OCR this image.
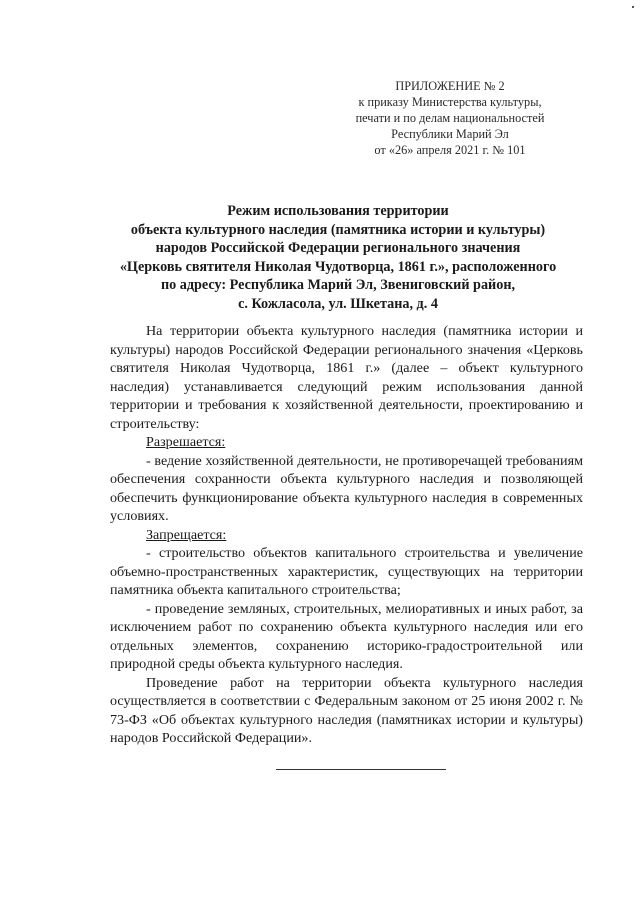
ПРИЛОЖЕНИЕ № 2
к приказу Министерства культуры,
печати и по делам национальностей
Республики Марий Эл
от «26» апреля 2021 г. № 101
Режим использования территории
объекта культурного наследия (памятника истории и культуры)
народов Российской Федерации регионального значения
«Церковь святителя Николая Чудотворца, 1861 г.», расположенного
по адресу: Республика Марий Эл, Звениговский район,
с. Кожласола, ул. Шкетана, д. 4

На территории объекта культурного наследия (памятника истории и культуры) народов Российской Федерации регионального значения «Церковь святителя Николая Чудотворца, 1861 г.» (далее – объект культурного наследия) устанавливается следующий режим использования данной территории и требования к хозяйственной деятельности, проектированию и строительству:

Разрешается:

- ведение хозяйственной деятельности, не противоречащей требованиям обеспечения сохранности объекта культурного наследия и позволяющей обеспечить функционирование объекта культурного наследия в современных условиях.

Запрещается:

- строительство объектов капитального строительства и увеличение объемно-пространственных характеристик, существующих на территории памятника объекта капитального строительства;

- проведение земляных, строительных, мелиоративных и иных работ, за исключением работ по сохранению объекта культурного наследия или его отдельных элементов, сохранению историко-градостроительной или природной среды объекта культурного наследия.

Проведение работ на территории объекта культурного наследия осуществляется в соответствии с Федеральным законом от 25 июня 2002 г. № 73-ФЗ «Об объектах культурного наследия (памятниках истории и культуры) народов Российской Федерации».
